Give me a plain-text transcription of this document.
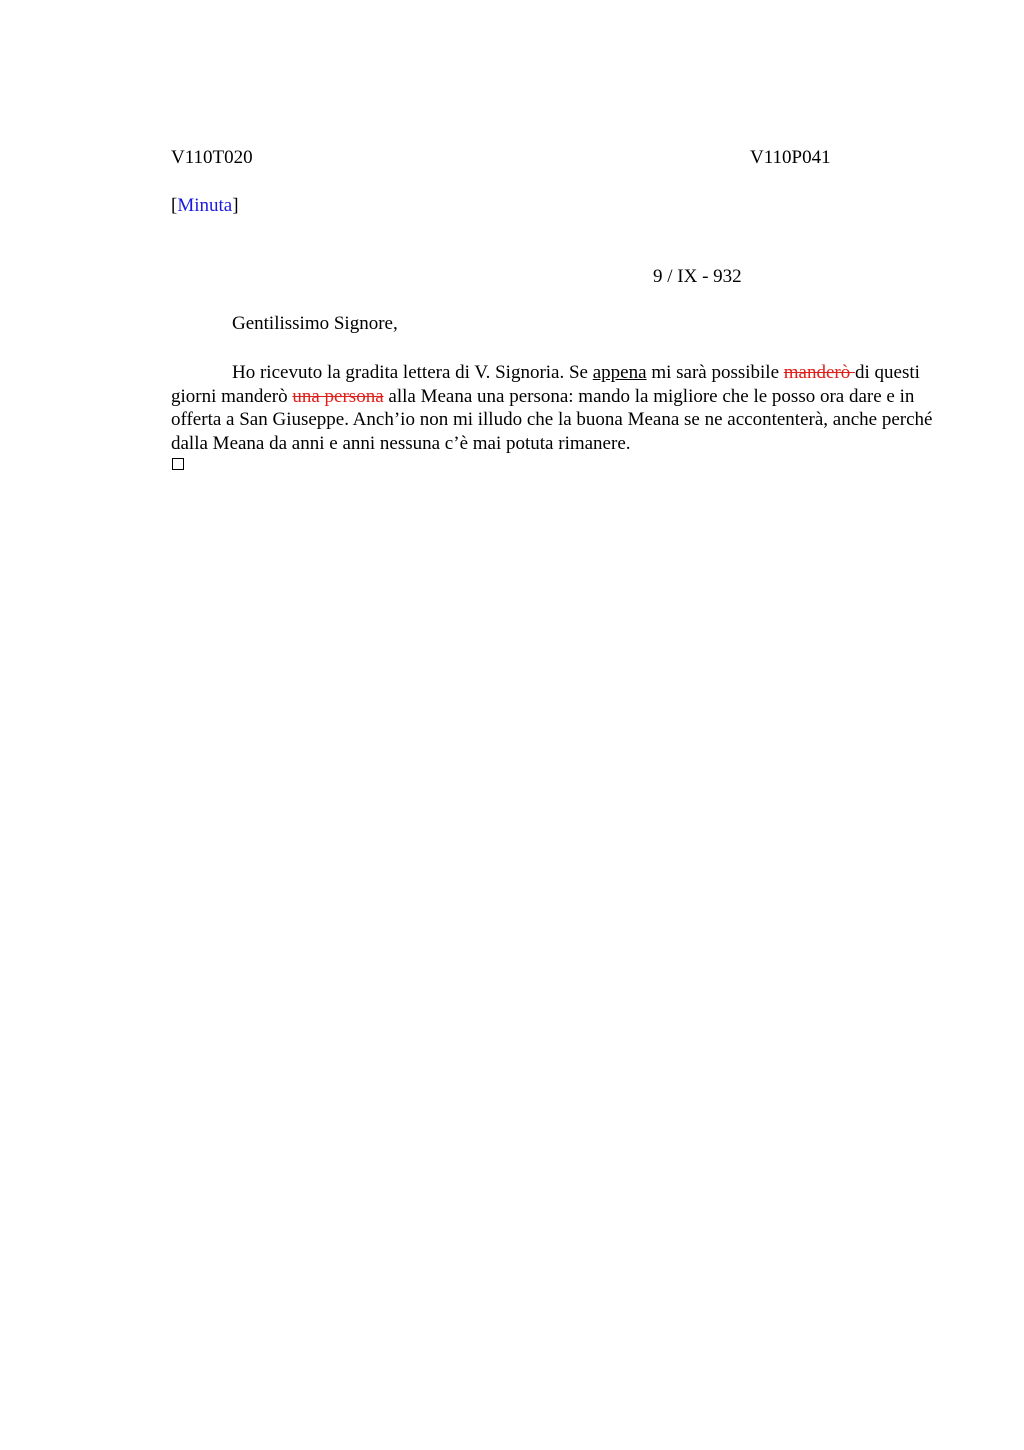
V110T020	V110P041
[Minuta]
9 / IX - 932
Gentilissimo Signore,
Ho ricevuto la gradita lettera di V. Signoria. Se appena mi sarà possibile manderò di questi giorni manderò una persona alla Meana una persona: mando la migliore che le posso ora dare e in offerta a San Giuseppe. Anch’io non mi illudo che la buona Meana se ne accontenterà, anche perché dalla Meana da anni e anni nessuna c’è mai potuta rimanere.
